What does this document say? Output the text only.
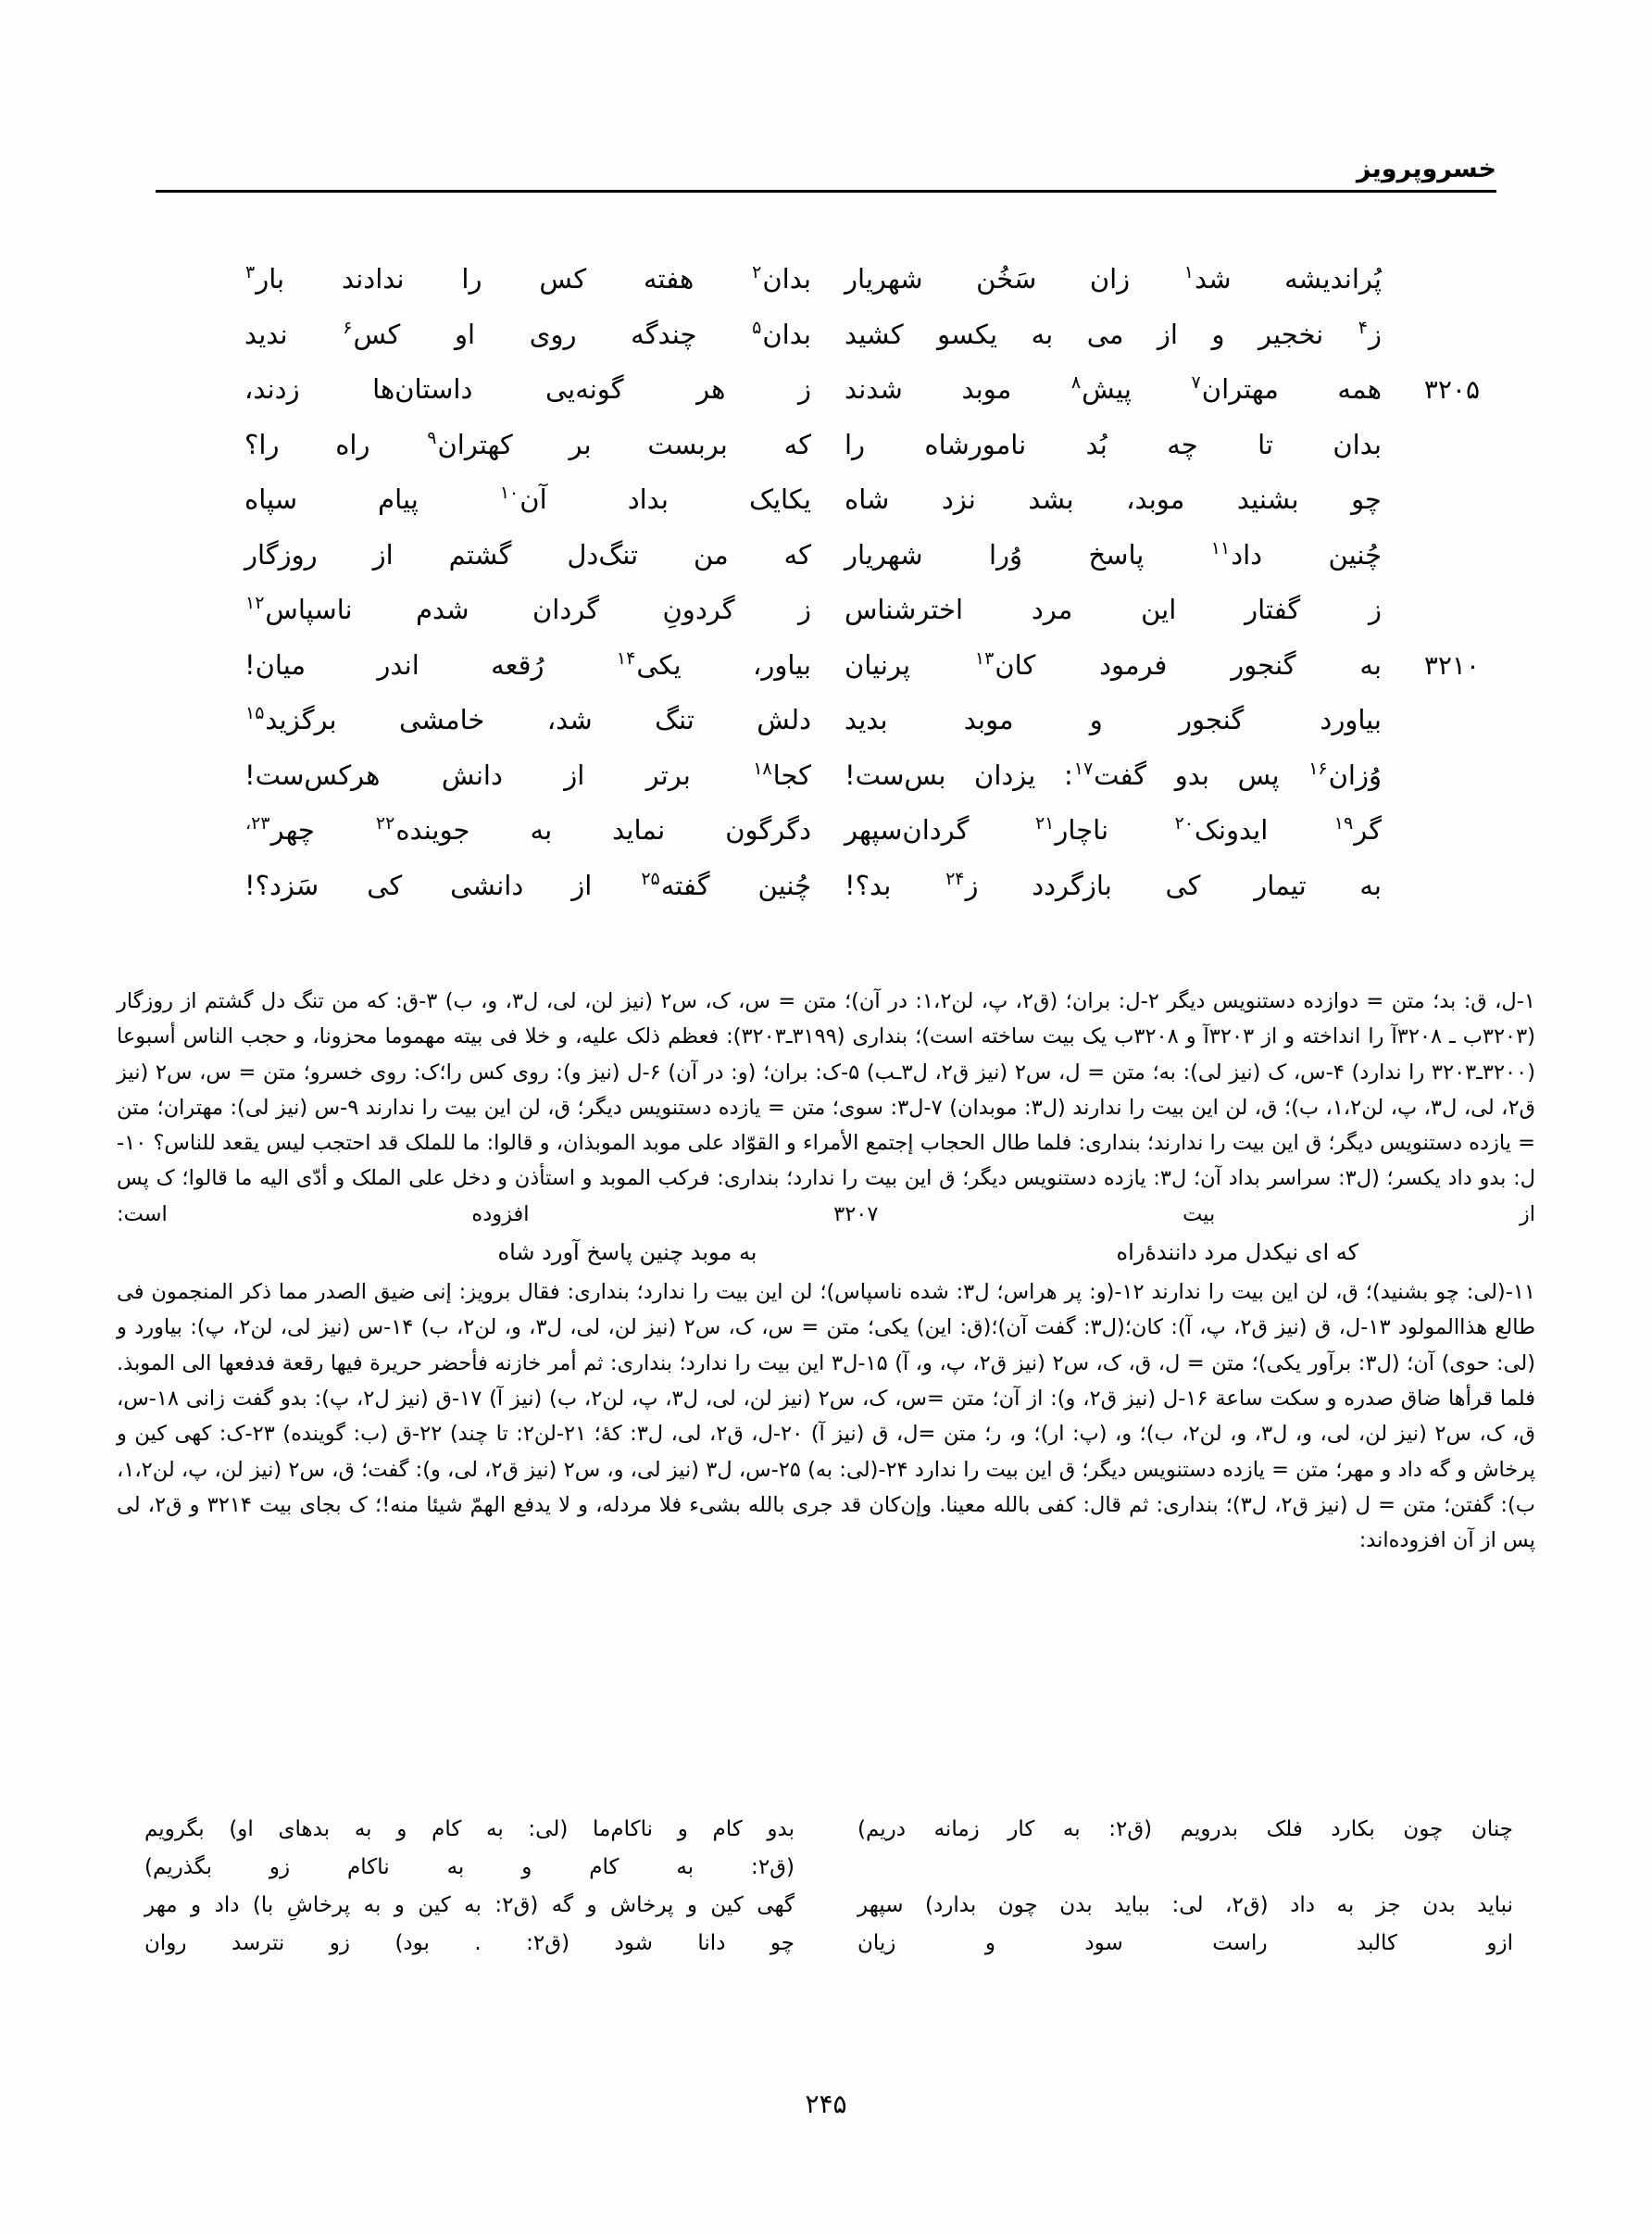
خسروپرویز
پُراندیشه شد$^۱$ زان سَخُن شهریار
بدان$^۲$ هفته کس را ندادند بار$^۳$
ز$^۴$ نخجیر و از می به یکسو کشید
بدان$^۵$ چندگه روی او کس$^۶$ ندید
همه مهتران$^۷$ پیش$^۸$ موبد شدند	۳۲۰۵
ز هر گونه‌یی داستان‌ها زدند،
بدان تا چه بُد نامورشاه را
که بربست بر کهتران$^۹$ راه را؟
چو بشنید موبد، بشد نزد شاه
یکایک بداد آن$^{۱۰}$ پیام سپاه
چُنین داد$^{۱۱}$ پاسخ وُرا شهریار
که من تنگ‌دل گشتم از روزگار
ز گفتار این مرد اخترشناس
ز گردونِ گردان شدم ناسپاس$^{۱۲}$
به گنجور فرمود کان$^{۱۳}$ پرنیان	۳۲۱۰
بیاور، یکی$^{۱۴}$ رُقعه اندر میان!
بیاورد گنجور و موبد بدید
دلش تنگ شد، خامشی برگزید$^{۱۵}$
وُزان$^{۱۶}$ پس بدو گفت$^{۱۷}$: یزدان بس‌ست!
کجا$^{۱۸}$ برتر از دانش هرکس‌ست!
گر$^{۱۹}$ ایدونک$^{۲۰}$ ناچار$^{۲۱}$ گردان‌سپهر
دگرگون نماید به جوینده$^{۲۲}$ چهر$^{۲۳،}$
به تیمار کی بازگردد ز$^{۲۴}$ بد؟!
چُنین گفته$^{۲۵}$ از دانشی کی سَزد؟!

۱-ل، ق: بد؛ متن = دوازده دستنویس دیگر ۲-ل: بران؛ (ق۲، پ، لن۱،۲: در آن)؛ متن = س، ک، س۲ (نیز لن، لی، ل۳، و، ب) ۳-ق: که من تنگ دل گشتم از روزگار (۳۲۰۳ب ـ ۳۲۰۸آ را انداخته و از ۳۲۰۳آ و ۳۲۰۸ب یک بیت ساخته است)؛ بنداری (۳۱۹۹ـ۳۲۰۳): فعظم ذلک علیه، و خلا فی بیته مهموما محزونا، و حجب الناس أسبوعا (۳۲۰۰ـ۳۲۰۳ را ندارد) ۴-س، ک (نیز لی): به؛ متن = ل، س۲ (نیز ق۲، ل۳ـب) ۵-ک: بران؛ (و: در آن) ۶-ل (نیز و): روی کس را؛ک: روی خسرو؛ متن = س، س۲ (نیز ق۲، لی، ل۳، پ، لن۱،۲، ب)؛ ق، لن این بیت را ندارند (ل۳: موبدان) ۷-ل۳: سوی؛ متن = یازده دستنویس دیگر؛ ق، لن این بیت را ندارند ۹-س (نیز لی): مهتران؛ متن = یازده دستنویس دیگر؛ ق این بیت را ندارند؛ بنداری: فلما طال الحجاب إجتمع الأمراء و القوّاد علی موبد الموبذان، و قالوا: ما للملک قد احتجب لیس یقعد للناس؟ ۱۰-ل: بدو داد یکسر؛ (ل۳: سراسر بداد آن؛ ل۳: یازده دستنویس دیگر؛ ق این بیت را ندارد؛ بنداری: فرکب الموبد و استأذن و دخل علی الملک و أدّی الیه ما قالوا؛ ک پس از بیت ۳۲۰۷ افزوده است:

که ای نیکدل مرد دانندهٔ‌راه
به موبد چنین پاسخ آورد شاه

۱۱-(لی: چو بشنید)؛ ق، لن این بیت را ندارند ۱۲-(و: پر هراس؛ ل۳: شده ناسپاس)؛ لن این بیت را ندارد؛ بنداری: فقال برویز: إنی ضیق الصدر مما ذکر المنجمون فی طالع هذاالمولود ۱۳-ل، ق (نیز ق۲، پ، آ): کان؛(ل۳: گفت آن)؛(ق: این) یکی؛ متن = س، ک، س۲ (نیز لن، لی، ل۳، و، لن۲، ب) ۱۴-س (نیز لی، لن۲، پ): بیاورد و (لی: حوی) آن؛ (ل۳: برآور یکی)؛ متن = ل، ق، ک، س۲ (نیز ق۲، پ، و، آ) ۱۵-ل۳ این بیت را ندارد؛ بنداری: ثم أمر خازنه فأحضر حریرة فیها رقعة فدفعها الی الموبذ. فلما قرأها ضاق صدره و سکت ساعة ۱۶-ل (نیز ق۲، و): از آن؛ متن =س، ک، س۲ (نیز لن، لی، ل۳، پ، لن۲، ب) (نیز آ) ۱۷-ق (نیز ل۲، پ): بدو گفت زانی ۱۸-س، ق، ک، س۲ (نیز لن، لی، و، ل۳، و، لن۲، ب)؛ و، (پ: ار)؛ و، ر؛ متن =ل، ق (نیز آ) ۲۰-ل، ق۲، لی، ل۳: کهٔ؛ ۲۱-لن۲: تا چند) ۲۲-ق (ب: گوینده) ۲۳-ک: کهی کین و پرخاش و گه داد و مهر؛ متن = یازده دستنویس دیگر؛ ق این بیت را ندارد ۲۴-(لی: به) ۲۵-س، ل۳ (نیز لی، و، س۲ (نیز ق۲، لی، و): گفت؛ ق، س۲ (نیز لن، پ، لن۱،۲، ب): گفتن؛ متن = ل (نیز ق۲، ل۳)؛ بنداری: ثم قال: کفی بالله معینا. وإن‌کان قد جری بالله بشیء فلا مردله، و لا یدفع الهمّ شیئا منه!؛ ک بجای بیت ۳۲۱۴ و ق۲، لی پس از آن افزوده‌اند:

چنان چون بکارد فلک بدرویم (ق۲: به کار زمانه دریم)
نباید بدن جز به داد (ق۲، لی: بباید بدن چون بدارد) سپهر
ازو کالبد راست سود و زیان
بدو کام و ناکام‌ما (لی: به کام و به بدهای او) بگرویم
(ق۲: به کام و به ناکام زو بگذریم)
گهی کین و پرخاش و گه (ق۲: به کین و به پرخاشِ با) داد و مهر
چو دانا شود (ق۲: . بود) زو نترسد روان
۲۴۵
